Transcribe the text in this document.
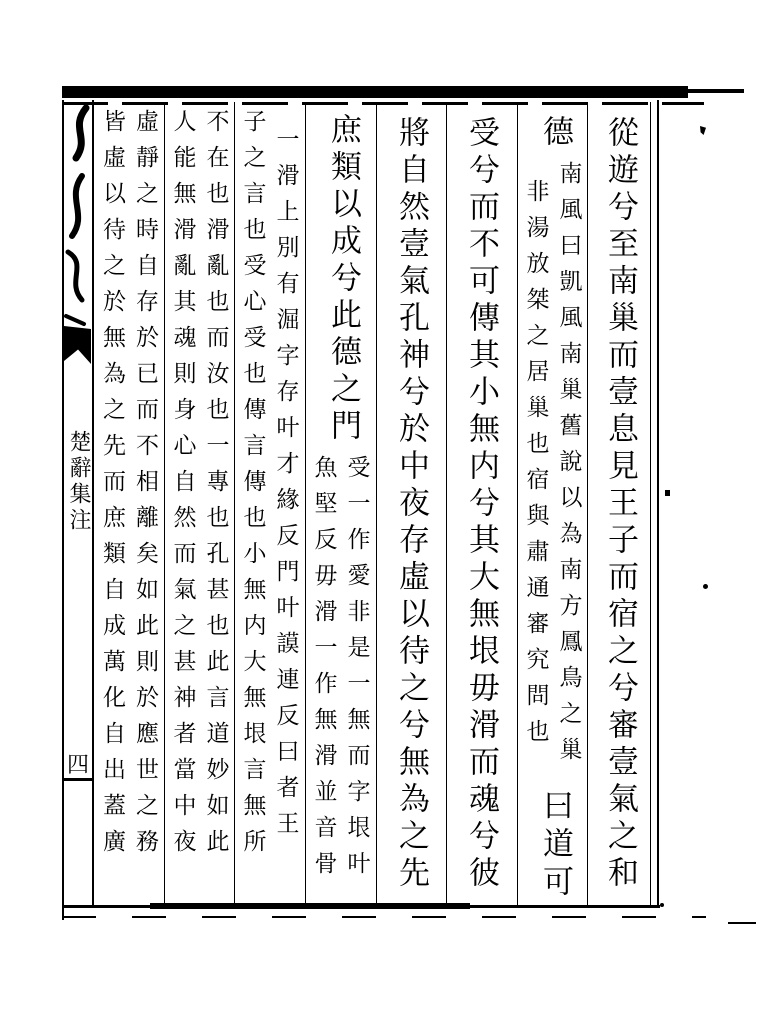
從遊兮至南巢而壹息見王子而宿之兮審壹氣之和
德
南風曰凱風南巢舊說以為南方鳳鳥之巢
非湯放桀之居巢也宿與肅通審究問也
曰道可
受兮而不可傳其小無内兮其大無垠毋滑而魂兮彼
將自然壹氣孔神兮於中夜存虛以待之兮無為之先
庶類以成兮此德之門
受一作愛非是一無而字垠叶
魚堅反毋滑一作無滑並音骨
一滑上別有淈字存叶才緣反門叶謨連反曰者王
子之言也受心受也傳言傳也小無内大無垠言無所
不在也滑亂也而汝也一專也孔甚也此言道妙如此
人能無滑亂其魂則身心自然而氣之甚神者當中夜
虛靜之時自存於已而不相離矣如此則於應世之務
皆虛以待之於無為之先而庶類自成萬化自出蓋廣
楚辭集注
四
